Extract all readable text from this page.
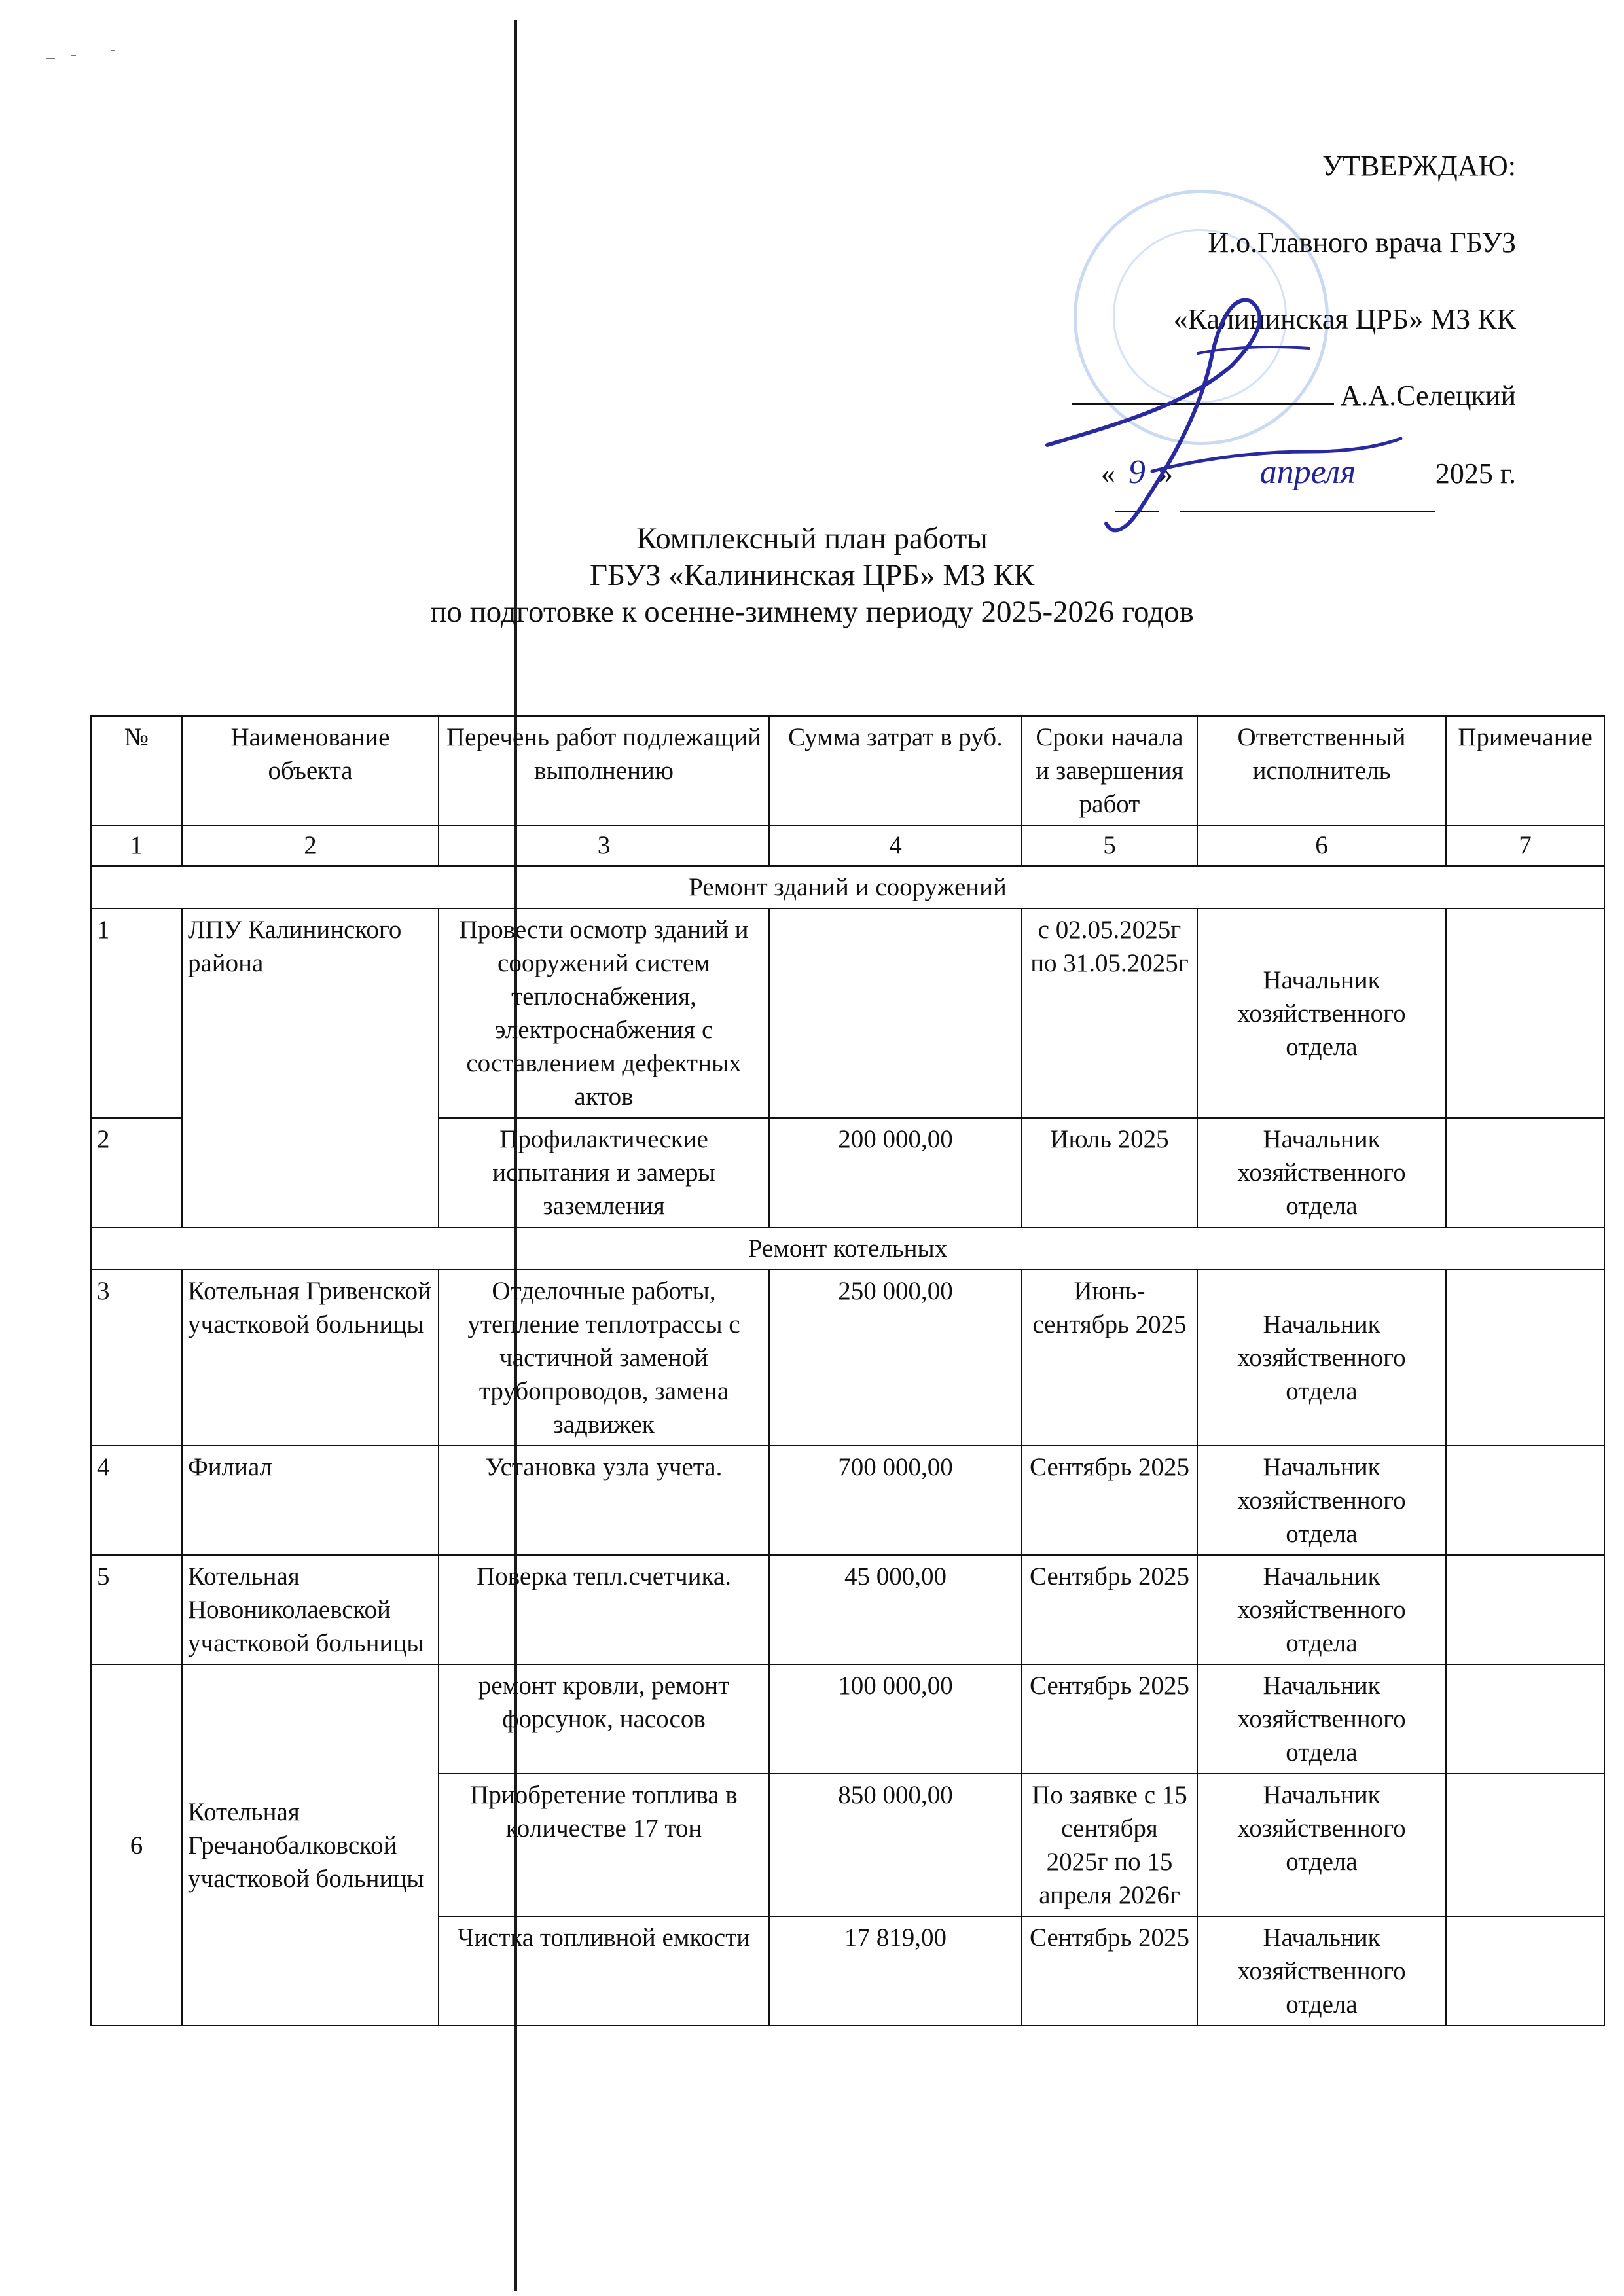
УТВЕРЖДАЮ:
И.о.Главного врача ГБУЗ
«Калининская ЦРБ» МЗ КК
А.А.Селецкий
« 9 »	апреля	2025 г.
Комплексный план работы
ГБУЗ «Калининская ЦРБ» МЗ КК
по подготовке к осенне-зимнему периоду 2025-2026 годов
№	Наименование объекта	Перечень работ подлежащий выполнению	Сумма затрат в руб.	Сроки начала и завершения работ	Ответственный исполнитель	Примечание
1	2	3	4	5	6	7
Ремонт зданий и сооружений						
1	ЛПУ Калининского района	Провести осмотр зданий и сооружений систем теплоснабжения, электроснабжения с составлением дефектных актов		с 02.05.2025г по 31.05.2025г	Начальник хозяйственного отдела	
2		Профилактические испытания и замеры заземления	200 000,00	Июль 2025	Начальник хозяйственного отдела	
Ремонт котельных						
3	Котельная Гривенской участковой больницы	Отделочные работы, утепление теплотрассы с частичной заменой трубопроводов, замена задвижек	250 000,00	Июнь-сентябрь 2025	Начальник хозяйственного отдела	
4	Филиал	Установка узла учета.	700 000,00	Сентябрь 2025	Начальник хозяйственного отдела	
5	Котельная Новониколаевской участковой больницы	Поверка тепл.счетчика.	45 000,00	Сентябрь 2025	Начальник хозяйственного отдела	
6	Котельная Гречанобалковской участковой больницы	ремонт кровли, ремонт форсунок, насосов	100 000,00	Сентябрь 2025	Начальник хозяйственного отдела	
		Приобретение топлива в количестве 17 тон	850 000,00	По заявке с 15 сентября 2025г по 15 апреля 2026г	Начальник хозяйственного отдела	
		Чистка топливной емкости	17 819,00	Сентябрь 2025	Начальник хозяйственного отдела	
